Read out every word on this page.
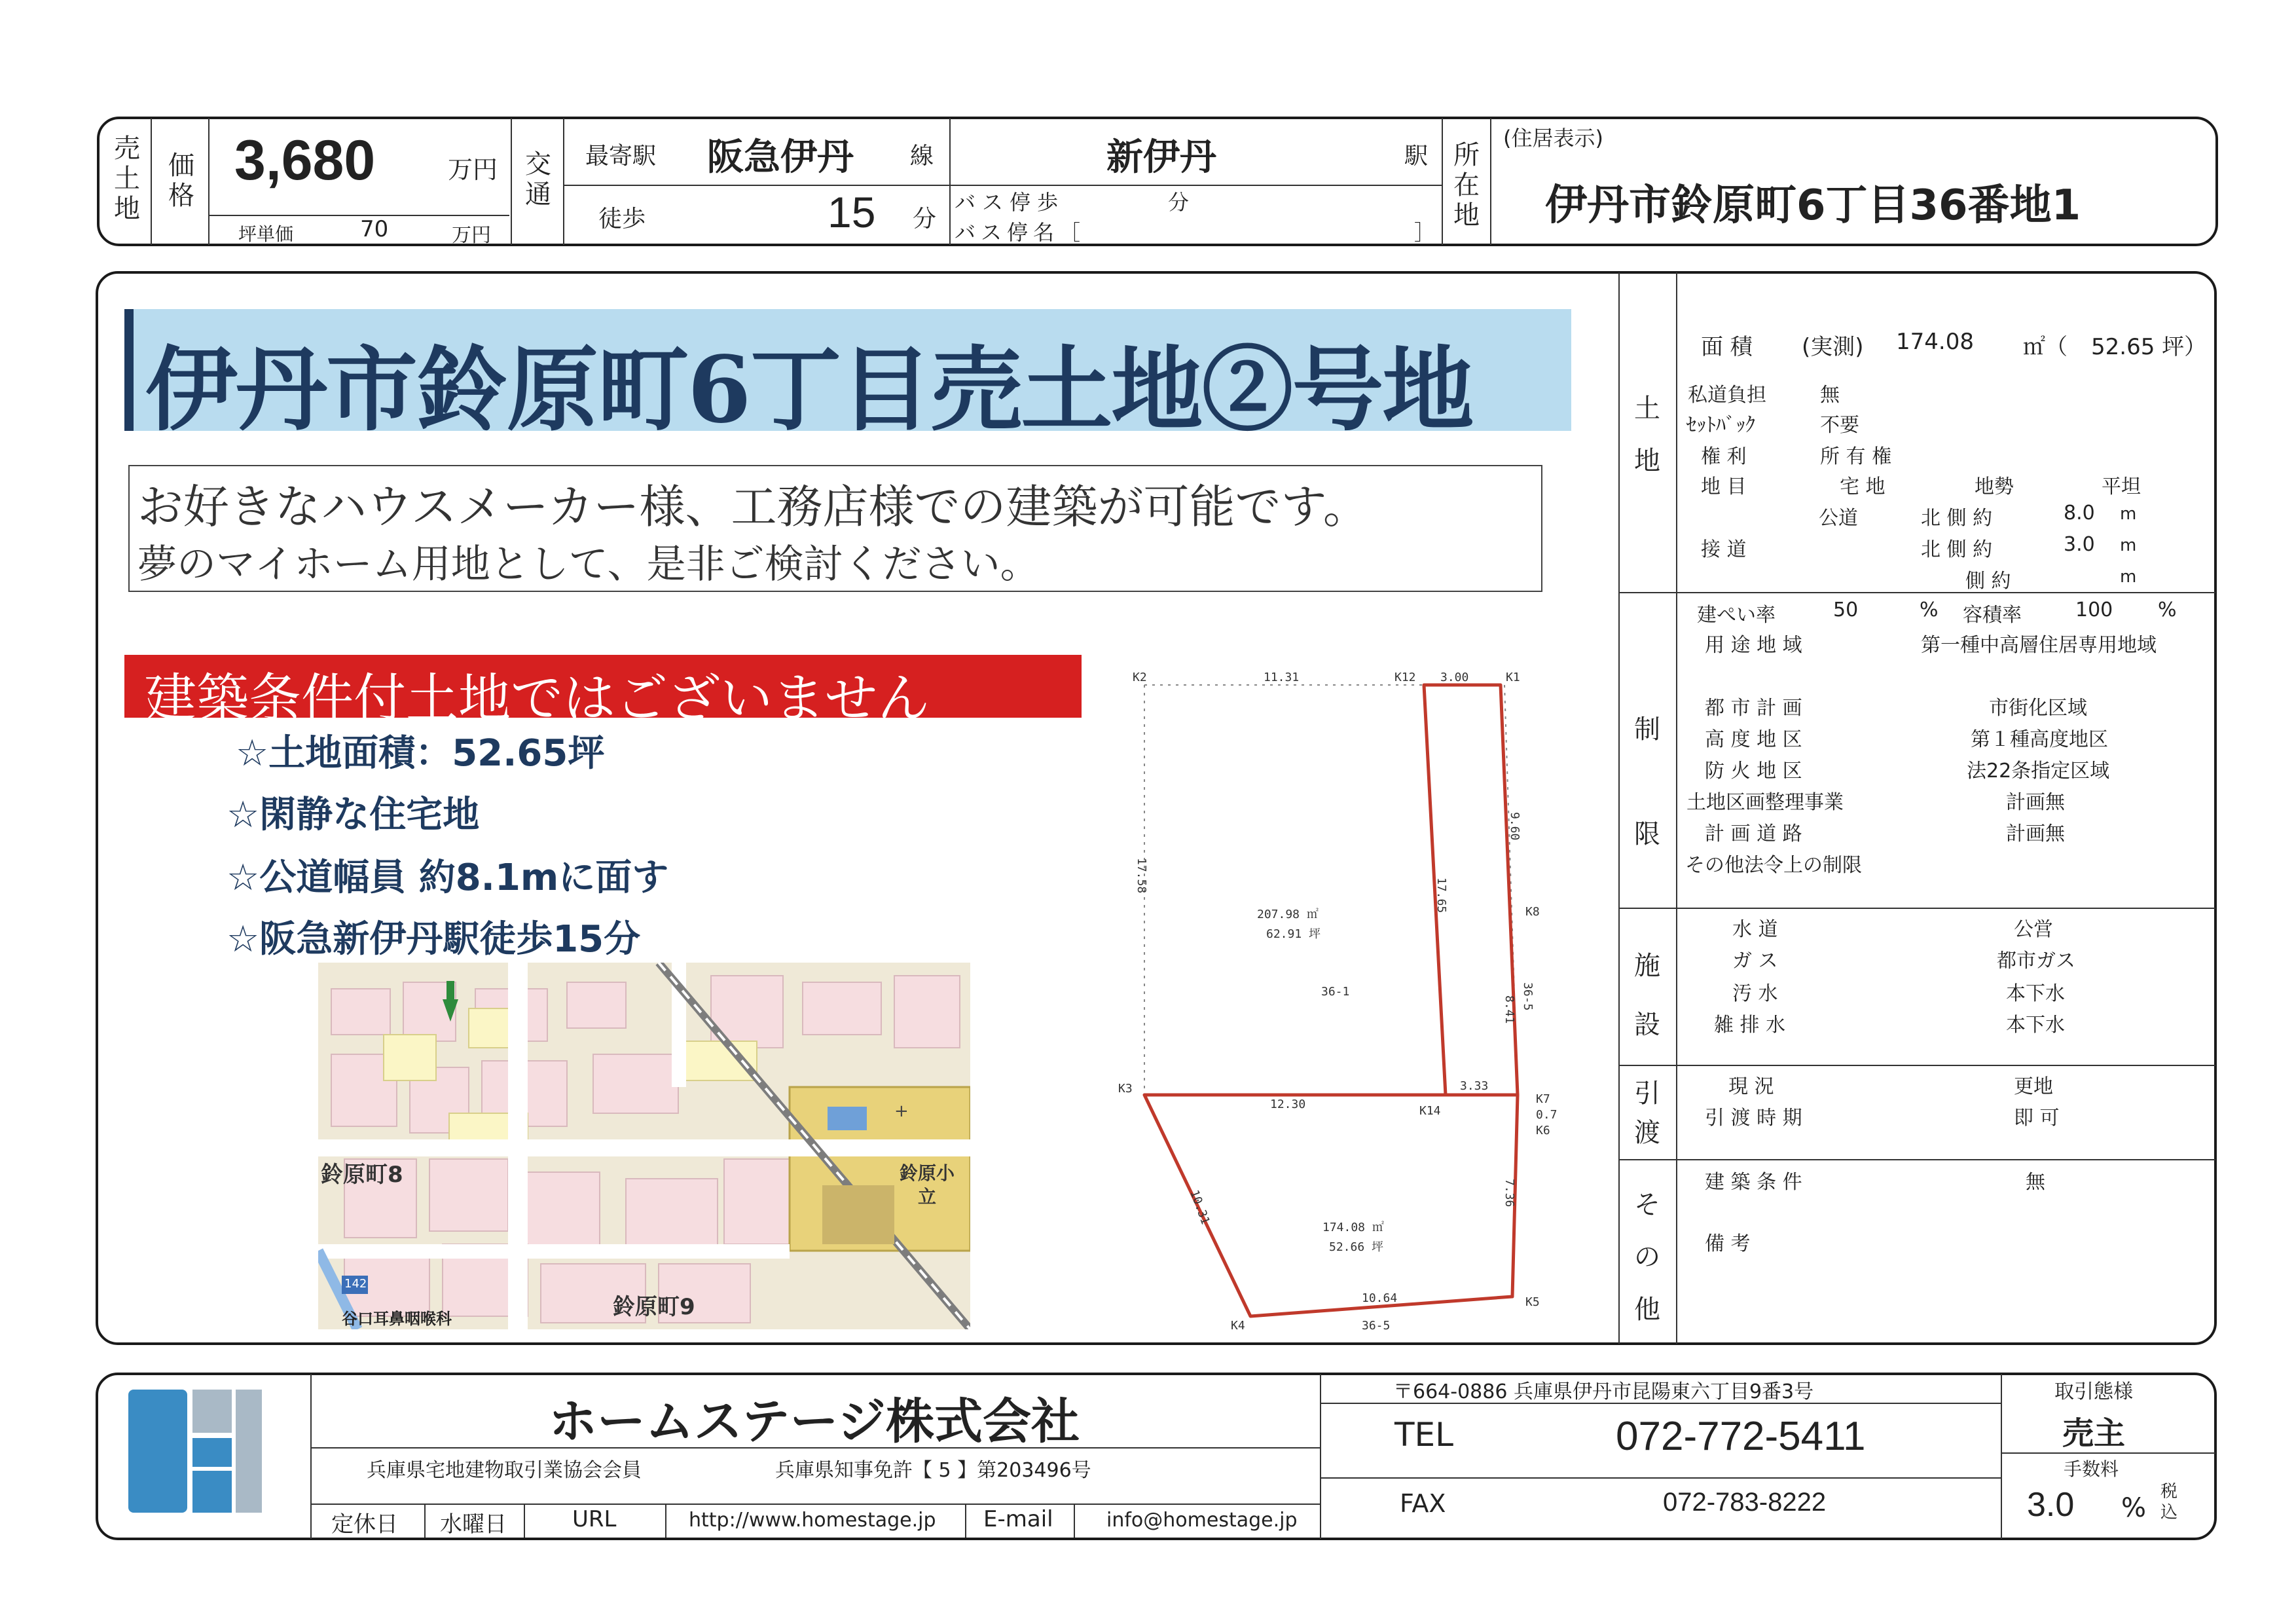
売土地
価格
3,680	万円
坪単価	70	万円
交通
最寄駅 阪急伊丹 線	新伊丹	駅
徒歩	15 分
バス停歩	分
バス停名［	］
所在地
(住居表示)
伊丹市鈴原町6丁目36番地1
伊丹市鈴原町6丁目売土地②号地
お好きなハウスメーカー様、工務店様での建築が可能です。
夢のマイホーム用地として、是非ご検討ください。
建築条件付土地ではございません
☆土地面積：52.65坪
☆閑静な住宅地
☆公道幅員 約8.1mに面す
☆阪急新伊丹駅徒歩15分
+
鈴原町8
鈴原町9
鈴原小
立
谷口耳鼻咽喉科
142
K2	K12	K1
K8
K3
K14
K7
K6
K4
K5
11.31	3.00
9.60
17.58
17.65
8.41
12.30
3.33
0.7
10.31	7.36
10.64
36-1	36-5
36-5
207.98 ㎡
62.91 坪
174.08 ㎡
52.66 坪
土地
制限
施設
引渡
その他
面 積 (実測) 174.08 ㎡（ 52.65 坪）
私道負担	無
ｾｯﾄﾊﾞｯｸ	不要
権 利	所 有 権
地 目	宅 地	地勢	平坦
公道	北 側 約	8.0 m
接 道	北 側 約	3.0 m
側 約	m
建ぺい率	50	% 容積率	100 %
用 途 地 域	第一種中高層住居専用地域
都 市 計 画	市街化区域
高 度 地 区	第１種高度地区
防 火 地 区	法22条指定区域
土地区画整理事業	計画無
計 画 道 路	計画無
その他法令上の制限
水 道	公営
ガ ス	都市ガス
汚 水	本下水
雑 排 水	本下水
現 況	更地
引 渡 時 期	即 可
建 築 条 件	無
備 考
ホームステージ株式会社
兵庫県宅地建物取引業協会会員	兵庫県知事免許【 5 】第203496号
定休日 水曜日	URL	http://www.homestage.jp E-mail	info@homestage.jp
〒664-0886 兵庫県伊丹市昆陽東六丁目9番3号
TEL	072-772-5411
FAX	072-783-8222
取引態様
売主
手数料
3.0 %
税込
